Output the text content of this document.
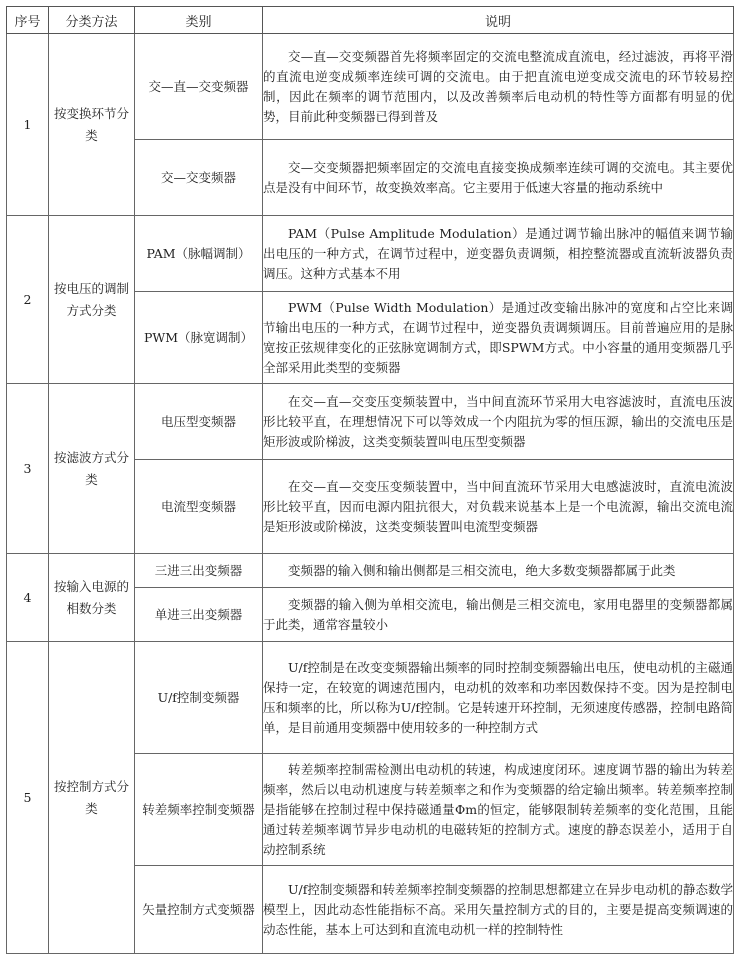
序号	分类方法	类别	说明
1	按变换环节分类	交—直—交变频器	交—直—交变频器首先将频率固定的交流电整流成直流电，经过滤波，再将平滑的直流电逆变成频率连续可调的交流电。由于把直流电逆变成交流电的环节较易控制，因此在频率的调节范围内，以及改善频率后电动机的特性等方面都有明显的优势，目前此种变频器已得到普及

		交—交变频器	交—交变频器把频率固定的交流电直接变换成频率连续可调的交流电。其主要优点是没有中间环节，故变换效率高。它主要用于低速大容量的拖动系统中

2	按电压的调制方式分类	PAM（脉幅调制）	PAM（Pulse Amplitude Modulation）是通过调节输出脉冲的幅值来调节输出电压的一种方式，在调节过程中，逆变器负责调频，相控整流器或直流斩波器负责调压。这种方式基本不用

		PWM（脉宽调制）	PWM（Pulse Width Modulation）是通过改变输出脉冲的宽度和占空比来调节输出电压的一种方式，在调节过程中，逆变器负责调频调压。目前普遍应用的是脉宽按正弦规律变化的正弦脉宽调制方式，即SPWM方式。中小容量的通用变频器几乎全部采用此类型的变频器

3	按滤波方式分类	电压型变频器	在交—直—交变压变频装置中，当中间直流环节采用大电容滤波时，直流电压波形比较平直，在理想情况下可以等效成一个内阻抗为零的恒压源，输出的交流电压是矩形波或阶梯波，这类变频装置叫电压型变频器

		电流型变频器	在交—直—交变压变频装置中，当中间直流环节采用大电感滤波时，直流电流波形比较平直，因而电源内阻抗很大，对负载来说基本上是一个电流源，输出交流电流是矩形波或阶梯波，这类变频装置叫电流型变频器

4	按输入电源的相数分类	三进三出变频器	变频器的输入侧和输出侧都是三相交流电，绝大多数变频器都属于此类

		单进三出变频器	变频器的输入侧为单相交流电，输出侧是三相交流电，家用电器里的变频器都属于此类，通常容量较小

5	按控制方式分类	U/f控制变频器	U/f控制是在改变变频器输出频率的同时控制变频器输出电压，使电动机的主磁通保持一定，在较宽的调速范围内，电动机的效率和功率因数保持不变。因为是控制电压和频率的比，所以称为U/f控制。它是转速开环控制，无须速度传感器，控制电路简单，是目前通用变频器中使用较多的一种控制方式

		转差频率控制变频器	转差频率控制需检测出电动机的转速，构成速度闭环。速度调节器的输出为转差频率，然后以电动机速度与转差频率之和作为变频器的给定输出频率。转差频率控制是指能够在控制过程中保持磁通量Φm的恒定，能够限制转差频率的变化范围，且能通过转差频率调节异步电动机的电磁转矩的控制方式。速度的静态误差小，适用于自动控制系统

		矢量控制方式变频器	U/f控制变频器和转差频率控制变频器的控制思想都建立在异步电动机的静态数学模型上，因此动态性能指标不高。采用矢量控制方式的目的，主要是提高变频调速的动态性能，基本上可达到和直流电动机一样的控制特性
